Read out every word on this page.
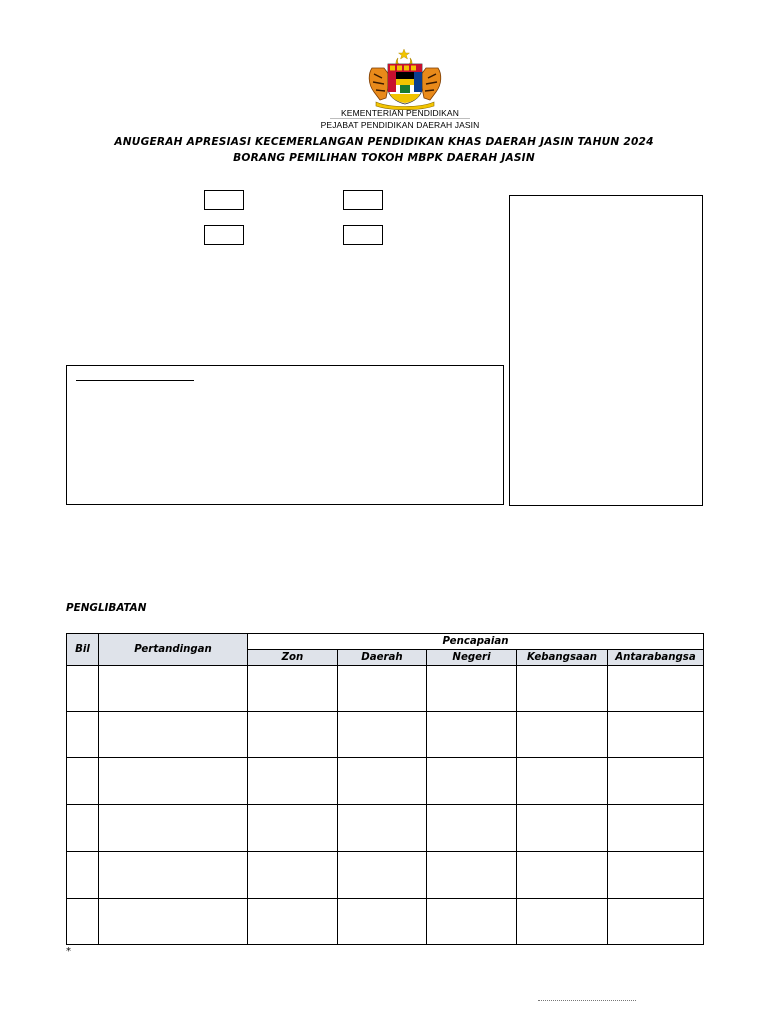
KEMENTERIAN PENDIDIKAN
PEJABAT PENDIDIKAN DAERAH JASIN
ANUGERAH APRESIASI KECEMERLANGAN PENDIDIKAN KHAS DAERAH JASIN TAHUN 2024
BORANG PEMILIHAN TOKOH MBPK DAERAH JASIN
PENGLIBATAN
Bil	Pertandingan	Pencapaian				
		Zon	Daerah	Negeri	Kebangsaan	Antarabangsa

*
